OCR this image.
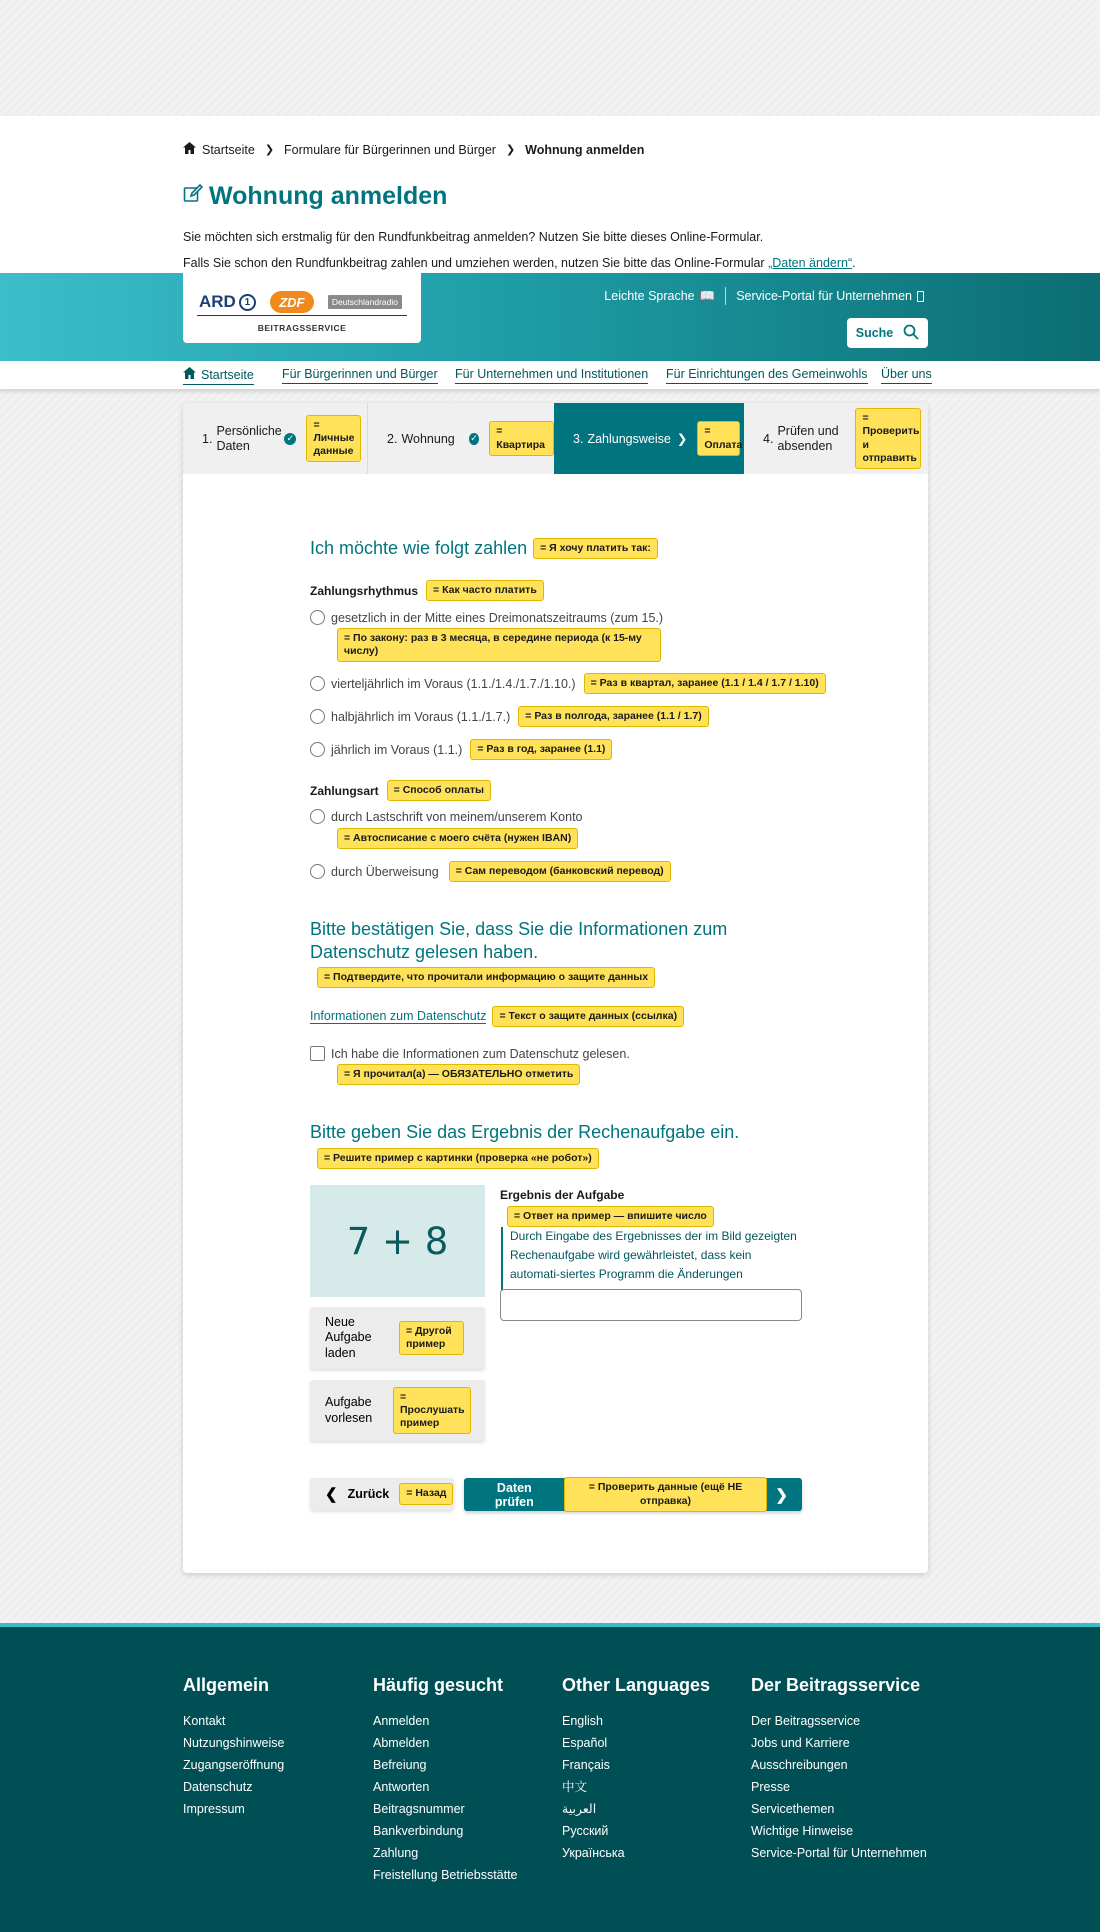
Startseite ❯ Formulare für Bürgerinnen und Bürger ❯ Wohnung anmelden
Wohnung anmelden

Sie möchten sich erstmalig für den Rundfunkbeitrag anmelden? Nutzen Sie bitte dieses Online-Formular.

Falls Sie schon den Rundfunkbeitrag zahlen und umziehen werden, nutzen Sie bitte das Online-Formular „Daten ändern“.

ARD 1	ZDF	Deutschlandradio
BEITRAGSSERVICE
Leichte Sprache 📖 Service-Portal für Unternehmen
Suche
Startseite Für Bürgerinnen und Bürger Für Unternehmen und Institutionen Für Einrichtungen des Gemeinwohls Über uns
1.
Persönliche Daten
✓
= Личные данные
2. Wohnung ✓
= Квартира	3. Zahlungsweise ❯
= Оплата 4.
Prüfen und absenden
= Проверить и отправить
Ich möchte wie folgt zahlen	= Я хочу платить так:
Zahlungsrhythmus	= Как часто платить
gesetzlich in der Mitte eines Dreimonatszeitraums (zum 15.)
= По закону: раз в 3 месяца, в середине периода (к 15-му числу)
vierteljährlich im Voraus (1.1./1.4./1.7./1.10.)	= Раз в квартал, заранее (1.1 / 1.4 / 1.7 / 1.10)
halbjährlich im Voraus (1.1./1.7.)	= Раз в полгода, заранее (1.1 / 1.7)
jährlich im Voraus (1.1.)	= Раз в год, заранее (1.1)
Zahlungsart	= Способ оплаты
durch Lastschrift von meinem/unserem Konto
= Автосписание с моего счёта (нужен IBAN)
durch Überweisung	= Сам переводом (банковский перевод)
Bitte bestätigen Sie, dass Sie die Informationen zum Datenschutz gelesen haben.
= Подтвердите, что прочитали информацию о защите данных
Informationen zum Datenschutz	= Текст о защите данных (ссылка)
Ich habe die Informationen zum Datenschutz gelesen.
= Я прочитал(а) — ОБЯЗАТЕЛЬНО отметить
Bitte geben Sie das Ergebnis der Rechenaufgabe ein.
= Решите пример с картинки (проверка «не робот»)
7 + 8
Neue Aufgabe laden
= Другой пример
Aufgabe vorlesen
= Прослушать пример
Ergebnis der Aufgabe
= Ответ на пример — впишите число
Durch Eingabe des Ergebnisses der im Bild gezeigten Rechenaufgabe wird gewährleistet, dass kein automati-siertes Programm die Änderungen
❮ Zurück	= Назад	Daten prüfen
= Проверить данные (ещё НЕ отправка)	❯
Allgemein
Kontakt
Nutzungshinweise
Zugangseröffnung
Datenschutz
Impressum
Häufig gesucht
Anmelden
Abmelden
Befreiung
Antworten
Beitragsnummer
Bankverbindung
Zahlung
Freistellung Betriebsstätte
Other Languages
English
Español
Français
中文
العربية
Русский
Українська
Der Beitragsservice
Der Beitragsservice
Jobs und Karriere
Ausschreibungen
Presse
Servicethemen
Wichtige Hinweise
Service-Portal für Unternehmen
